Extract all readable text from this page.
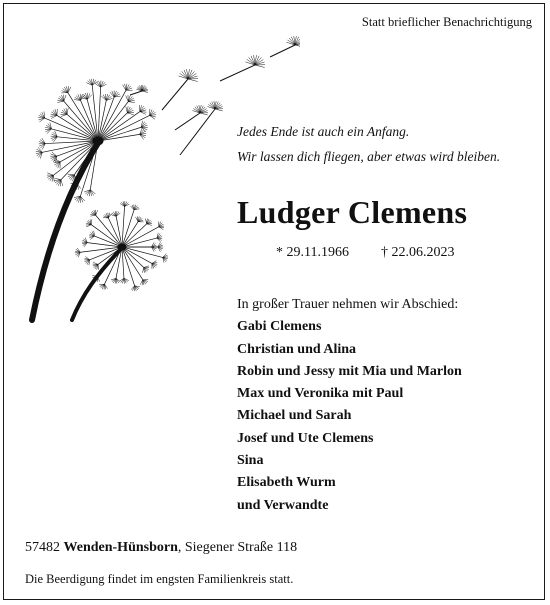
Statt brieflicher Benachrichtigung
Jedes Ende ist auch ein Anfang.
Wir lassen dich fliegen, aber etwas wird bleiben.
Ludger Clemens
* 29.11.1966 † 22.06.2023
In großer Trauer nehmen wir Abschied:
Gabi Clemens
Christian und Alina
Robin und Jessy mit Mia und Marlon
Max und Veronika mit Paul
Michael und Sarah
Josef und Ute Clemens
Sina
Elisabeth Wurm
und Verwandte
57482 Wenden-Hünsborn, Siegener Straße 118
Die Beerdigung findet im engsten Familienkreis statt.
